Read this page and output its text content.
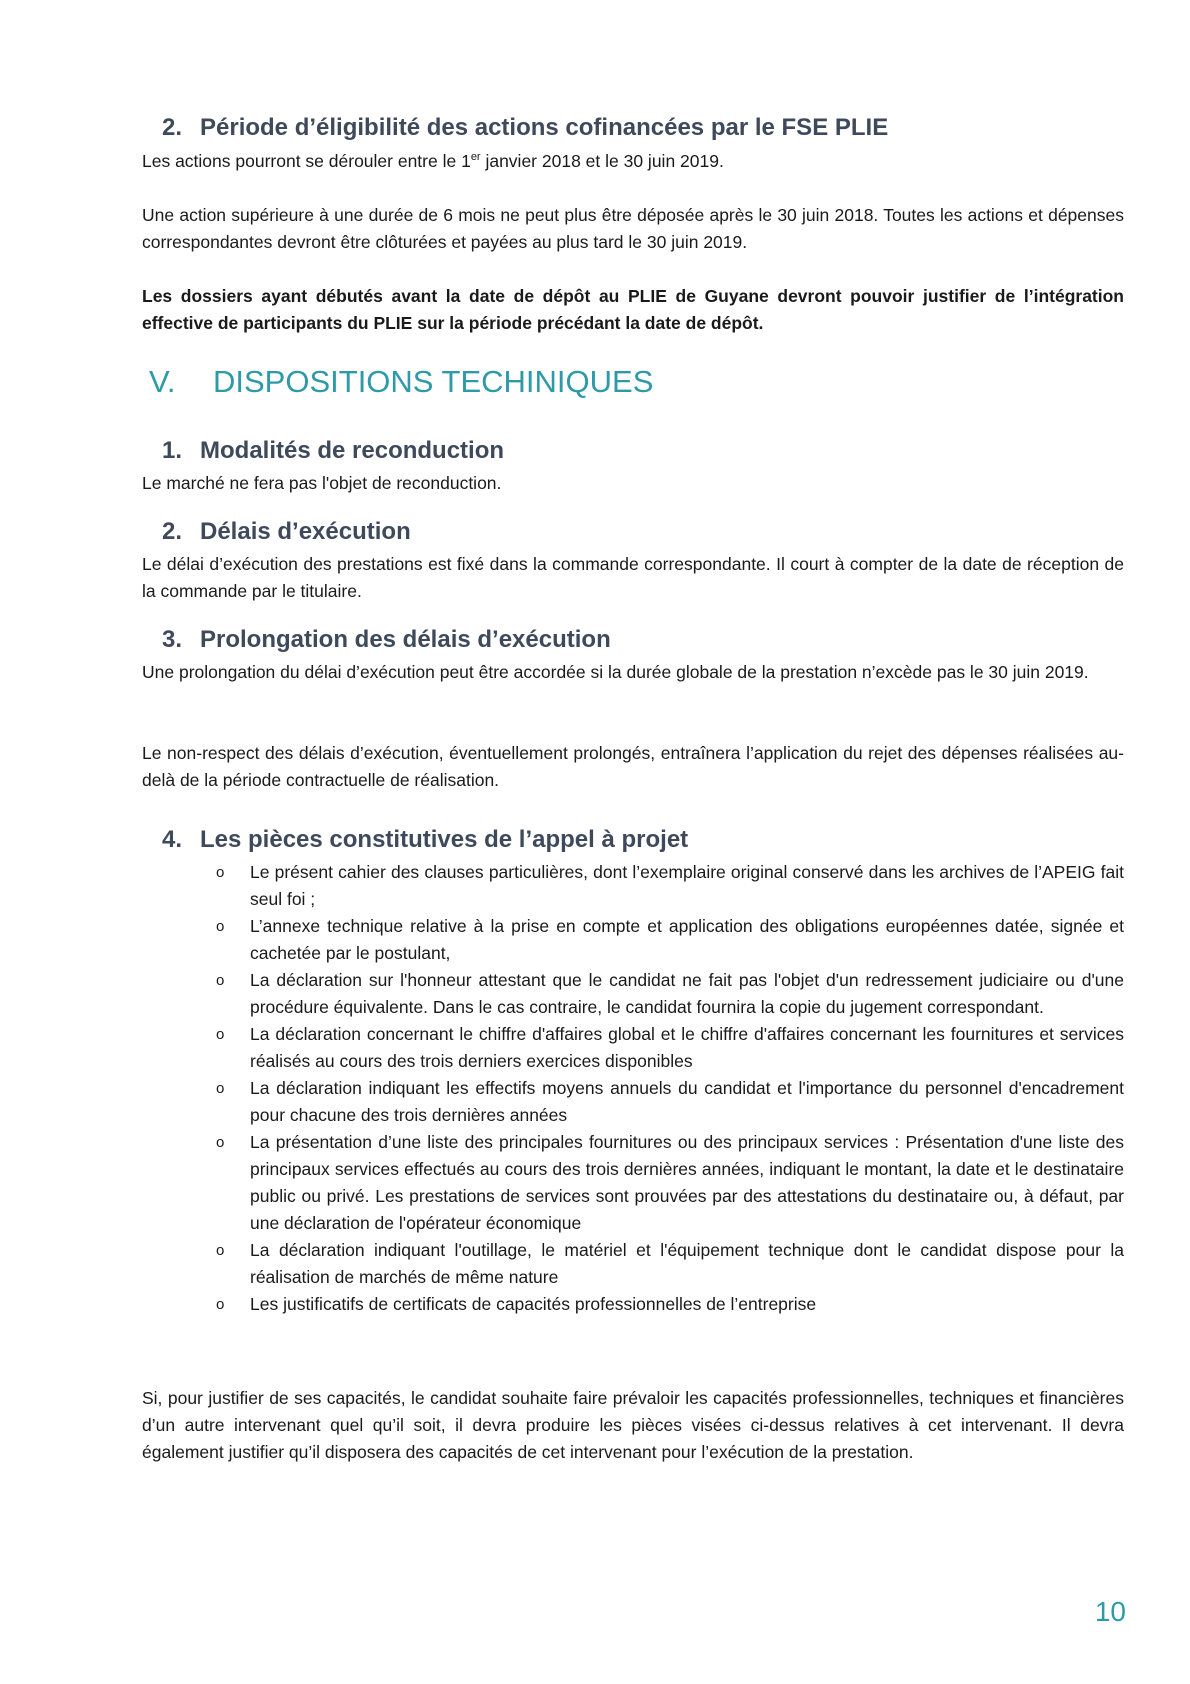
2. Période d’éligibilité des actions cofinancées par le FSE PLIE

Les actions pourront se dérouler entre le 1er janvier 2018 et le 30 juin 2019.

Une action supérieure à une durée de 6 mois ne peut plus être déposée après le 30 juin 2018. Toutes les actions et dépenses correspondantes devront être clôturées et payées au plus tard le 30 juin 2019.

Les dossiers ayant débutés avant la date de dépôt au PLIE de Guyane devront pouvoir justifier de l’intégration effective de participants du PLIE sur la période précédant la date de dépôt.

V. DISPOSITIONS TECHINIQUES
1. Modalités de reconduction

Le marché ne fera pas l'objet de reconduction.

2. Délais d’exécution

Le délai d’exécution des prestations est fixé dans la commande correspondante. Il court à compter de la date de réception de la commande par le titulaire.

3. Prolongation des délais d’exécution

Une prolongation du délai d’exécution peut être accordée si la durée globale de la prestation n’excède pas le 30 juin 2019.

Le non-respect des délais d’exécution, éventuellement prolongés, entraînera l’application du rejet des dépenses réalisées au-delà de la période contractuelle de réalisation.

4. Les pièces constitutives de l’appel à projet
o Le présent cahier des clauses particulières, dont l’exemplaire original conservé dans les archives de l’APEIG fait seul foi ;
o L’annexe technique relative à la prise en compte et application des obligations européennes datée, signée et cachetée par le postulant,
o La déclaration sur l'honneur attestant que le candidat ne fait pas l'objet d'un redressement judiciaire ou d'une procédure équivalente. Dans le cas contraire, le candidat fournira la copie du jugement correspondant.
o La déclaration concernant le chiffre d'affaires global et le chiffre d'affaires concernant les fournitures et services réalisés au cours des trois derniers exercices disponibles
o La déclaration indiquant les effectifs moyens annuels du candidat et l'importance du personnel d'encadrement pour chacune des trois dernières années
o La présentation d’une liste des principales fournitures ou des principaux services : Présentation d'une liste des principaux services effectués au cours des trois dernières années, indiquant le montant, la date et le destinataire public ou privé. Les prestations de services sont prouvées par des attestations du destinataire ou, à défaut, par une déclaration de l'opérateur économique
o La déclaration indiquant l'outillage, le matériel et l'équipement technique dont le candidat dispose pour la réalisation de marchés de même nature
o Les justificatifs de certificats de capacités professionnelles de l’entreprise

Si, pour justifier de ses capacités, le candidat souhaite faire prévaloir les capacités professionnelles, techniques et financières d’un autre intervenant quel qu’il soit, il devra produire les pièces visées ci-dessus relatives à cet intervenant. Il devra également justifier qu’il disposera des capacités de cet intervenant pour l’exécution de la prestation.

10
